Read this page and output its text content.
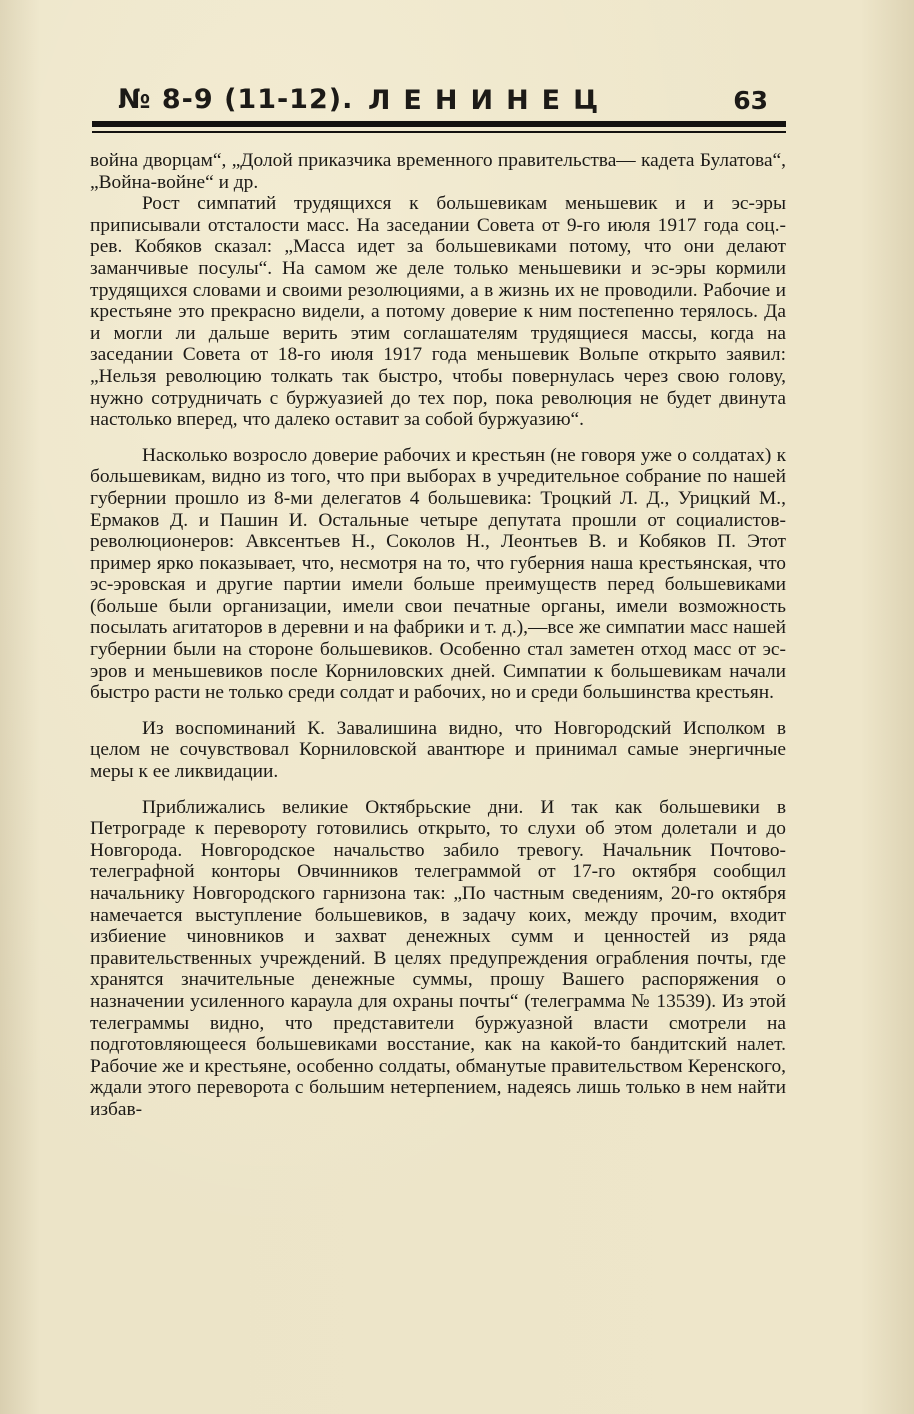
№ 8-9 (11-12). ЛЕНИНЕЦ	63

война дворцам“, „Долой приказчика временного правительства— кадета Булатова“, „Война-войне“ и др.

Рост симпатий трудящихся к большевикам меньшевик и и эс-эры приписывали отсталости масс. На заседании Совета от 9-го июля 1917 года соц.-рев. Кобяков сказал: „Масса идет за большевиками потому, что они делают заманчивые посулы“. На самом же деле только меньшевики и эс-эры кормили трудящихся словами и своими резолюциями, а в жизнь их не проводили. Рабочие и крестьяне это прекрасно видели, а потому доверие к ним постепенно терялось. Да и могли ли дальше верить этим соглашателям трудящиеся массы, когда на заседании Совета от 18-го июля 1917 года меньшевик Вольпе открыто заявил: „Нельзя революцию толкать так быстро, чтобы повернулась через свою голову, нужно сотрудничать с буржуазией до тех пор, пока революция не будет двинута настолько вперед, что далеко оставит за собой буржуазию“.

Насколько возросло доверие рабочих и крестьян (не говоря уже о солдатах) к большевикам, видно из того, что при выборах в учредительное собрание по нашей губернии прошло из 8-ми делегатов 4 большевика: Троцкий Л. Д., Урицкий М., Ермаков Д. и Пашин И. Остальные четыре депутата прошли от социалистов-революционеров: Авксентьев Н., Соколов Н., Леонтьев В. и Кобяков П. Этот пример ярко показывает, что, несмотря на то, что губерния наша крестьянская, что эс-эровская и другие партии имели больше преимуществ перед большевиками (больше были организации, имели свои печатные органы, имели возможность посылать агитаторов в деревни и на фабрики и т. д.),—все же симпатии масс нашей губернии были на стороне большевиков. Особенно стал заметен отход масс от эс-эров и меньшевиков после Корниловских дней. Симпатии к большевикам начали быстро расти не только среди солдат и рабочих, но и среди большинства крестьян.

Из воспоминаний К. Завалишина видно, что Новгородский Исполком в целом не сочувствовал Корниловской авантюре и принимал самые энергичные меры к ее ликвидации.

Приближались великие Октябрьские дни. И так как большевики в Петрограде к перевороту готовились открыто, то слухи об этом долетали и до Новгорода. Новгородское начальство забило тревогу. Начальник Почтово-телеграфной конторы Овчинников телеграммой от 17-го октября сообщил начальнику Новгородского гарнизона так: „По частным сведениям, 20-го октября намечается выступление большевиков, в задачу коих, между прочим, входит избиение чиновников и захват денежных сумм и ценностей из ряда правительственных учреждений. В целях предупреждения ограбления почты, где хранятся значительные денежные суммы, прошу Вашего распоряжения о назначении усиленного караула для охраны почты“ (телеграмма № 13539). Из этой телеграммы видно, что представители буржуазной власти смотрели на подготовляющееся большевиками восстание, как на какой-то бандитский налет. Рабочие же и крестьяне, особенно солдаты, обманутые правительством Керенского, ждали этого переворота с большим нетерпением, надеясь лишь только в нем найти избав-
